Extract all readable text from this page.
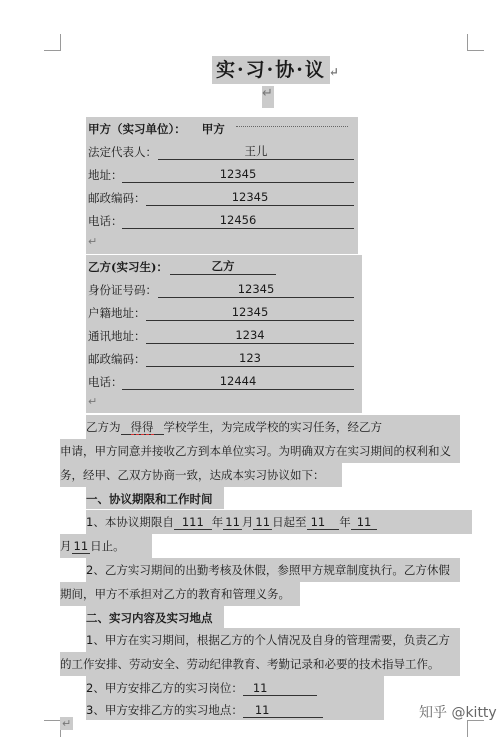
实·习·协·议 ↵
↵
甲方（实习单位）： 甲方
法定代表人：	王儿
地址：	12345
邮政编码：	12345
电话：	12456
↵
乙方(实习生)：	乙方
身份证号码：	12345
户籍地址：	12345
通讯地址：	1234
邮政编码：	123
电话：	12444
↵
乙方为 得得 学校学生，为完成学校的实习任务，经乙方
申请，甲方同意并接收乙方到本单位实习。为明确双方在实习期间的权利和义
务，经甲、乙双方协商一致，达成本实习协议如下：
一、协议期限和工作时间
1、本协议期限自 111 年 11 月 11 日起至 11 年 11
月 11 日止。
2、乙方实习期间的出勤考核及休假，参照甲方规章制度执行。乙方休假
期间，甲方不承担对乙方的教育和管理义务。
二、实习内容及实习地点
1、甲方在实习期间，根据乙方的个人情况及自身的管理需要，负责乙方
的工作安排、劳动安全、劳动纪律教育、考勤记录和必要的技术指导工作。
2、甲方安排乙方的实习岗位： 11
3、甲方安排乙方的实习地点： 11
↵
知乎 @kitty
